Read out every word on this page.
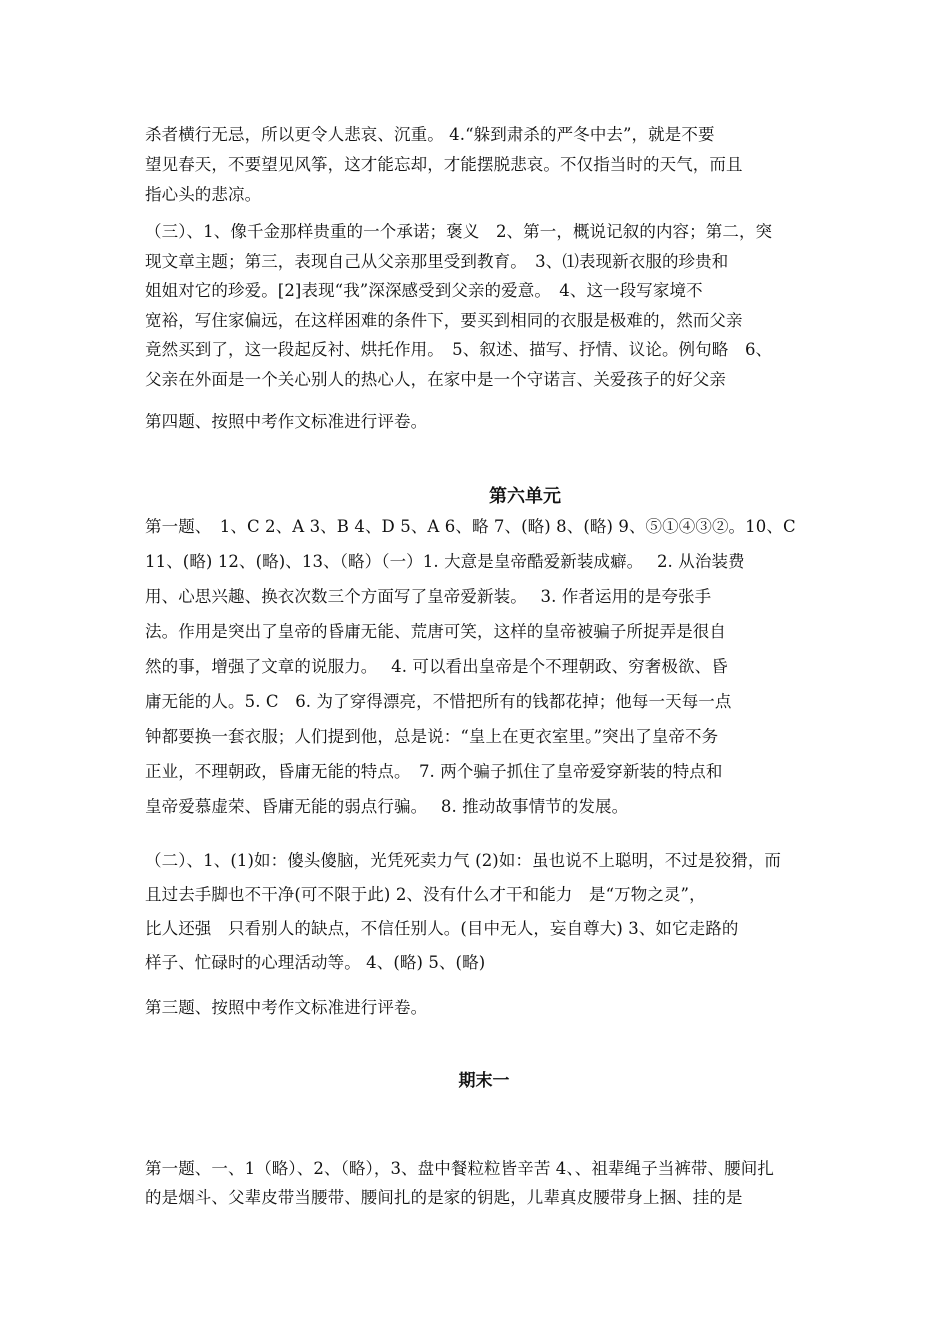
杀者横行无忌，所以更令人悲哀、沉重。 4.“躲到肃杀的严冬中去”，就是不要
望见春天，不要望见风筝，这才能忘却，才能摆脱悲哀。不仅指当时的天气，而且
指心头的悲凉。
（三）、1、像千金那样贵重的一个承诺；褒义　2、第一，概说记叙的内容；第二，突
现文章主题；第三，表现自己从父亲那里受到教育。　3、⑴表现新衣服的珍贵和
姐姐对它的珍爱。[2]表现“我”深深感受到父亲的爱意。　4、这一段写家境不
宽裕，写住家偏远，在这样困难的条件下，要买到相同的衣服是极难的，然而父亲
竟然买到了，这一段起反衬、烘托作用。　5、叙述、描写、抒情、议论。例句略　6、
父亲在外面是一个关心别人的热心人，在家中是一个守诺言、关爱孩子的好父亲
第四题、按照中考作文标准进行评卷。
第六单元
第一题、　1、C 2、A 3、B 4、D 5、A 6、略 7、(略) 8、(略) 9、⑤①④③②。10、C
11、(略) 12、(略)、13、（略）（一）1. 大意是皇帝酷爱新装成癖。　 2. 从治装费
用、心思兴趣、换衣次数三个方面写了皇帝爱新装。　 3. 作者运用的是夸张手
法。作用是突出了皇帝的昏庸无能、荒唐可笑，这样的皇帝被骗子所捉弄是很自
然的事，增强了文章的说服力。　 4. 可以看出皇帝是个不理朝政、穷奢极欲、昏
庸无能的人。5. C　6. 为了穿得漂亮，不惜把所有的钱都花掉；他每一天每一点
钟都要换一套衣服；人们提到他，总是说：“皇上在更衣室里。”突出了皇帝不务
正业，不理朝政，昏庸无能的特点。　7. 两个骗子抓住了皇帝爱穿新装的特点和
皇帝爱慕虚荣、昏庸无能的弱点行骗。　 8. 推动故事情节的发展。
（二）、1、(1)如：傻头傻脑，光凭死卖力气 (2)如：虽也说不上聪明，不过是狡猾，而
且过去手脚也不干净(可不限于此) 2、没有什么才干和能力　是“万物之灵”，
比人还强　只看别人的缺点，不信任别人。(目中无人，妄自尊大) 3、如它走路的
样子、忙碌时的心理活动等。 4、(略) 5、(略)
第三题、按照中考作文标准进行评卷。
期末一
第一题、一、1（略）、2、（略），3、盘中餐粒粒皆辛苦 4、、祖辈绳子当裤带、腰间扎
的是烟斗、父辈皮带当腰带、腰间扎的是家的钥匙，儿辈真皮腰带身上捆、挂的是
